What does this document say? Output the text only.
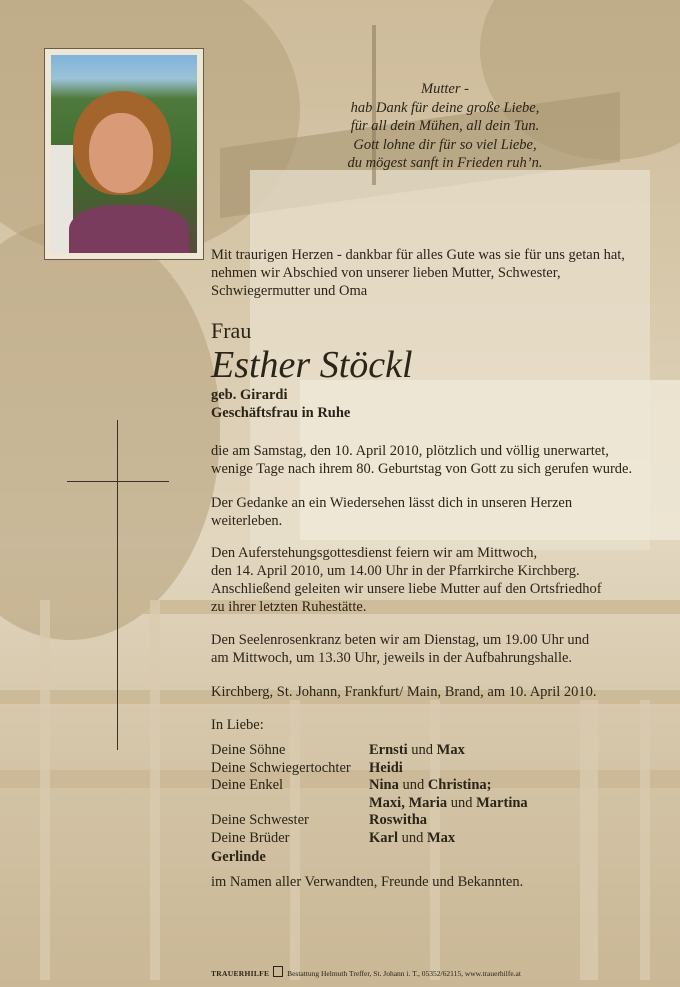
Mutter -
hab Dank für deine große Liebe,
für all dein Mühen, all dein Tun.
Gott lohne dir für so viel Liebe,
du mögest sanft in Frieden ruh’n.
Mit traurigen Herzen - dankbar für alles Gute was sie für uns getan hat,
nehmen wir Abschied von unserer lieben Mutter, Schwester,
Schwiegermutter und Oma
Frau
Esther Stöckl
geb. Girardi
Geschäftsfrau in Ruhe
die am Samstag, den 10. April 2010, plötzlich und völlig unerwartet,
wenige Tage nach ihrem 80. Geburtstag von Gott zu sich gerufen wurde.
Der Gedanke an ein Wiedersehen lässt dich in unseren Herzen
weiterleben.
Den Auferstehungsgottesdienst feiern wir am Mittwoch,
den 14. April 2010, um 14.00 Uhr in der Pfarrkirche Kirchberg.
Anschließend geleiten wir unsere liebe Mutter auf den Ortsfriedhof
zu ihrer letzten Ruhestätte.
Den Seelenrosenkranz beten wir am Dienstag, um 19.00 Uhr und
am Mittwoch, um 13.30 Uhr, jeweils in der Aufbahrungshalle.
Kirchberg, St. Johann, Frankfurt/ Main, Brand, am 10. April 2010.
In Liebe:
Deine Söhne	Ernsti und Max
Deine Schwiegertochter Heidi
Deine Enkel	Nina und Christina;
Maxi, Maria und Martina
Deine Schwester	Roswitha
Deine Brüder	Karl und Max
Gerlinde
im Namen aller Verwandten, Freunde und Bekannten.
TRAUERHILFE Bestattung Helmuth Treffer, St. Johann i. T., 05352/62115, www.trauerhilfe.at
